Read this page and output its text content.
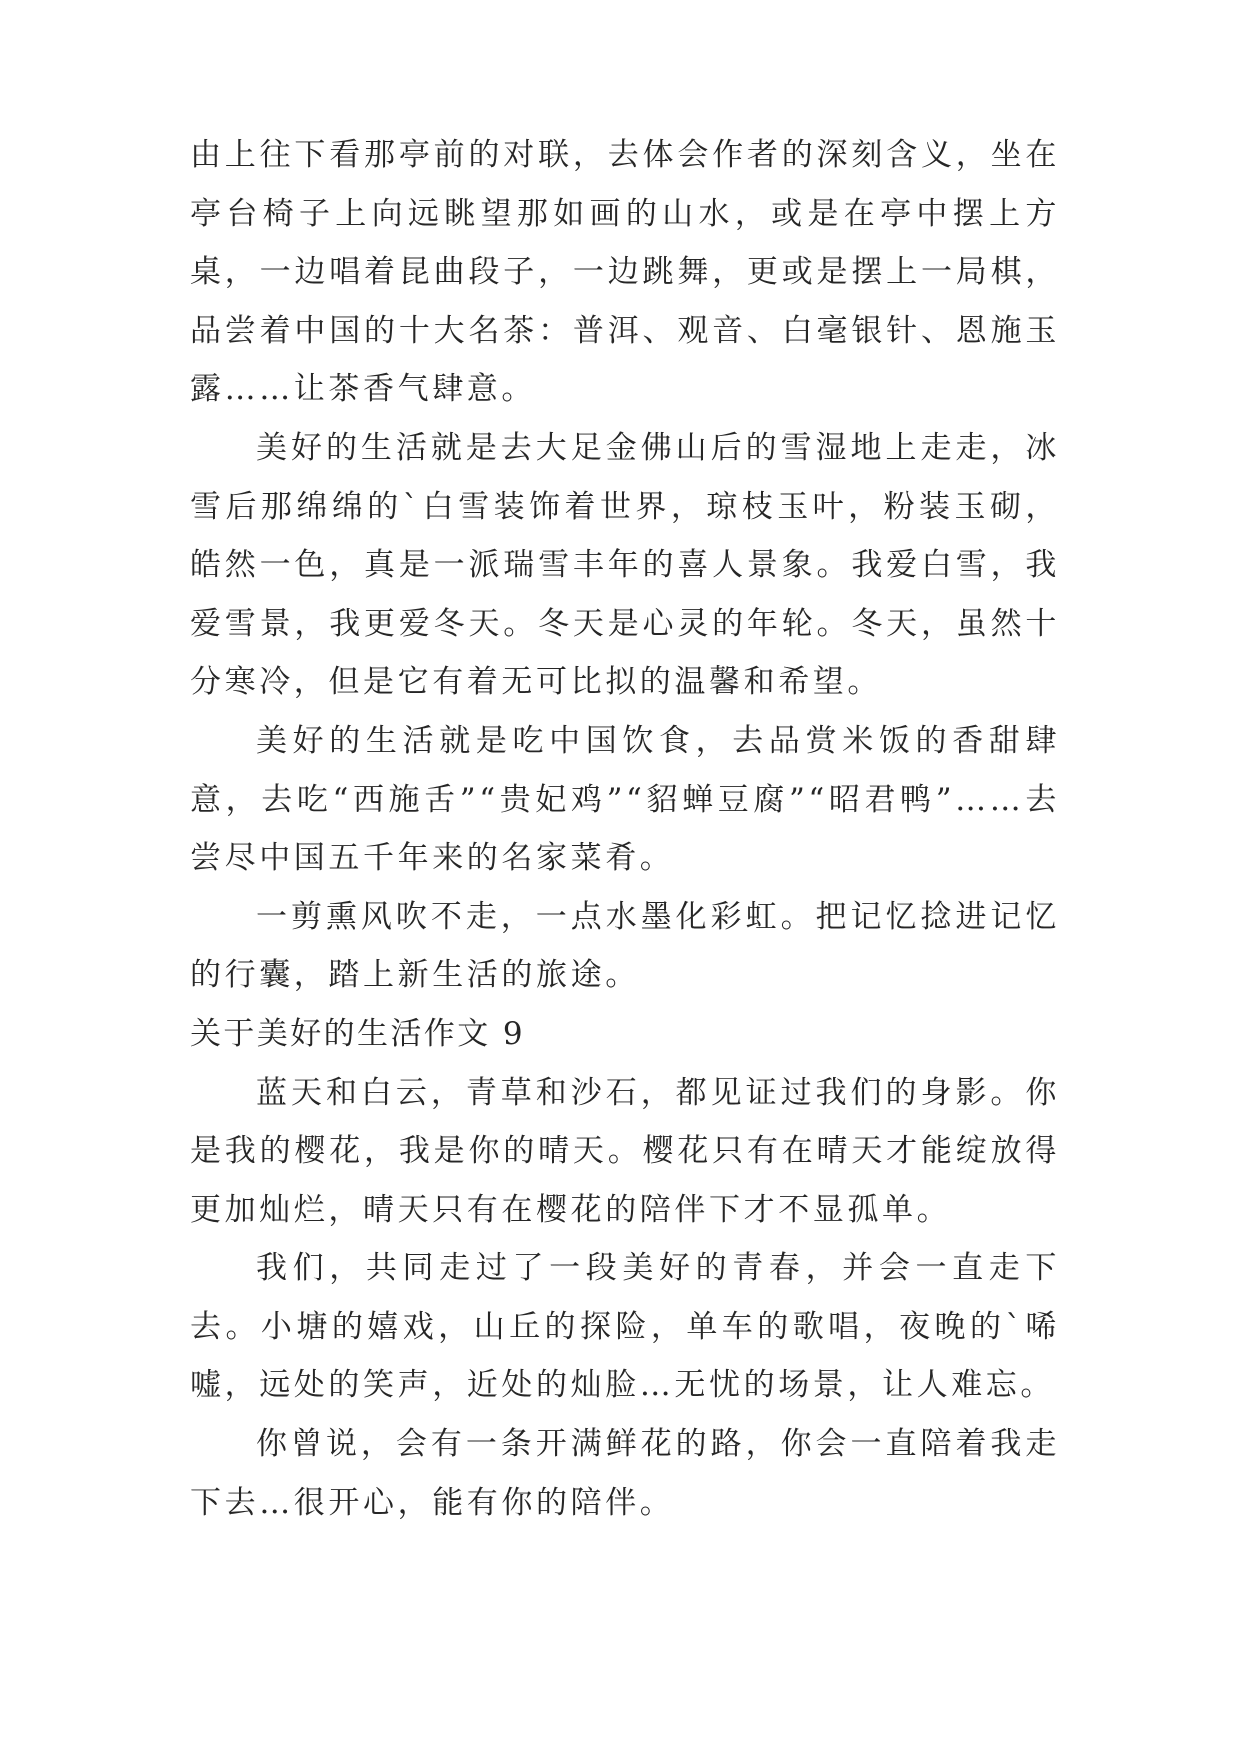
由上往下看那亭前的对联，去体会作者的深刻含义，坐在亭台椅子上向远眺望那如画的山水，或是在亭中摆上方桌，一边唱着昆曲段子，一边跳舞，更或是摆上一局棋，品尝着中国的十大名茶：普洱、观音、白毫银针、恩施玉露……让茶香气肆意。

美好的生活就是去大足金佛山后的雪湿地上走走，冰雪后那绵绵的`白雪装饰着世界，琼枝玉叶，粉装玉砌，皓然一色，真是一派瑞雪丰年的喜人景象。我爱白雪，我爱雪景，我更爱冬天。冬天是心灵的年轮。冬天，虽然十分寒冷，但是它有着无可比拟的温馨和希望。

美好的生活就是吃中国饮食，去品赏米饭的香甜肆意，去吃“西施舌”“贵妃鸡”“貂蝉豆腐”“昭君鸭”……去尝尽中国五千年来的名家菜肴。

一剪熏风吹不走，一点水墨化彩虹。把记忆捻进记忆的行囊，踏上新生活的旅途。

关于美好的生活作文 9

蓝天和白云，青草和沙石，都见证过我们的身影。你是我的樱花，我是你的晴天。樱花只有在晴天才能绽放得更加灿烂，晴天只有在樱花的陪伴下才不显孤单。

我们，共同走过了一段美好的青春，并会一直走下去。小塘的嬉戏，山丘的探险，单车的歌唱，夜晚的`唏嘘，远处的笑声，近处的灿脸…无忧的场景，让人难忘。

你曾说，会有一条开满鲜花的路，你会一直陪着我走下去…很开心，能有你的陪伴。
